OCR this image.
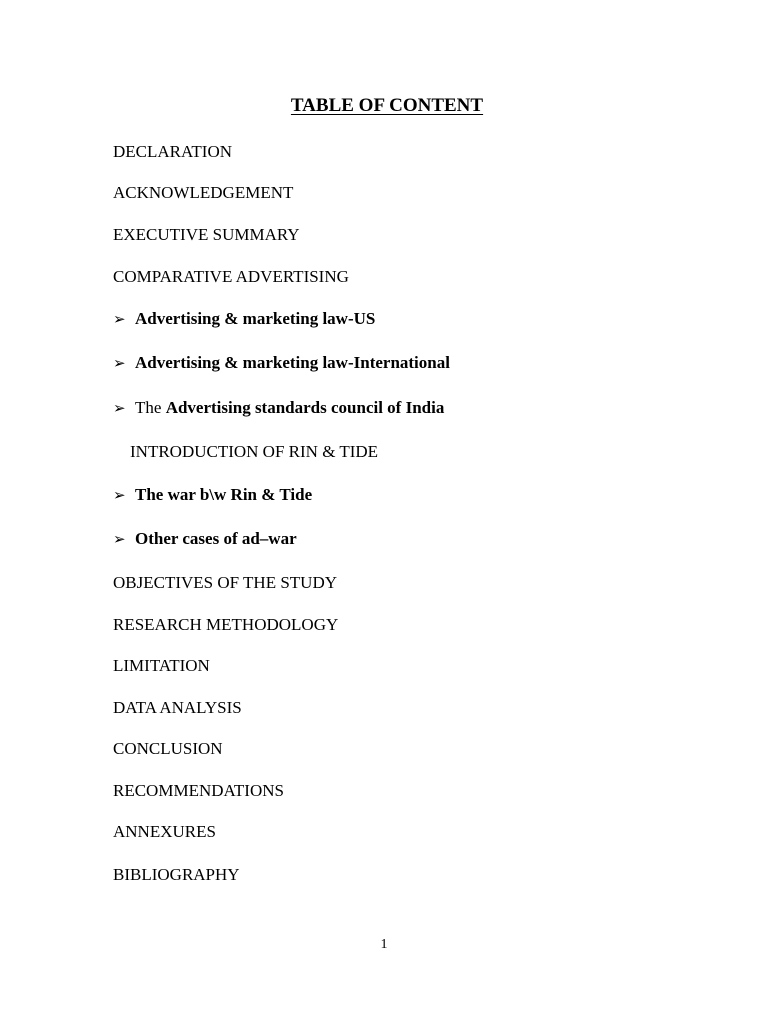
TABLE OF CONTENT
DECLARATION
ACKNOWLEDGEMENT
EXECUTIVE SUMMARY
COMPARATIVE ADVERTISING
➢ Advertising & marketing law-US
➢ Advertising & marketing law-International
➢ The Advertising standards council of India
INTRODUCTION OF RIN & TIDE
➢ The war b\w Rin & Tide
➢ Other cases of ad–war
OBJECTIVES OF THE STUDY
RESEARCH METHODOLOGY
LIMITATION
DATA ANALYSIS
CONCLUSION
RECOMMENDATIONS
ANNEXURES
BIBLIOGRAPHY
1
